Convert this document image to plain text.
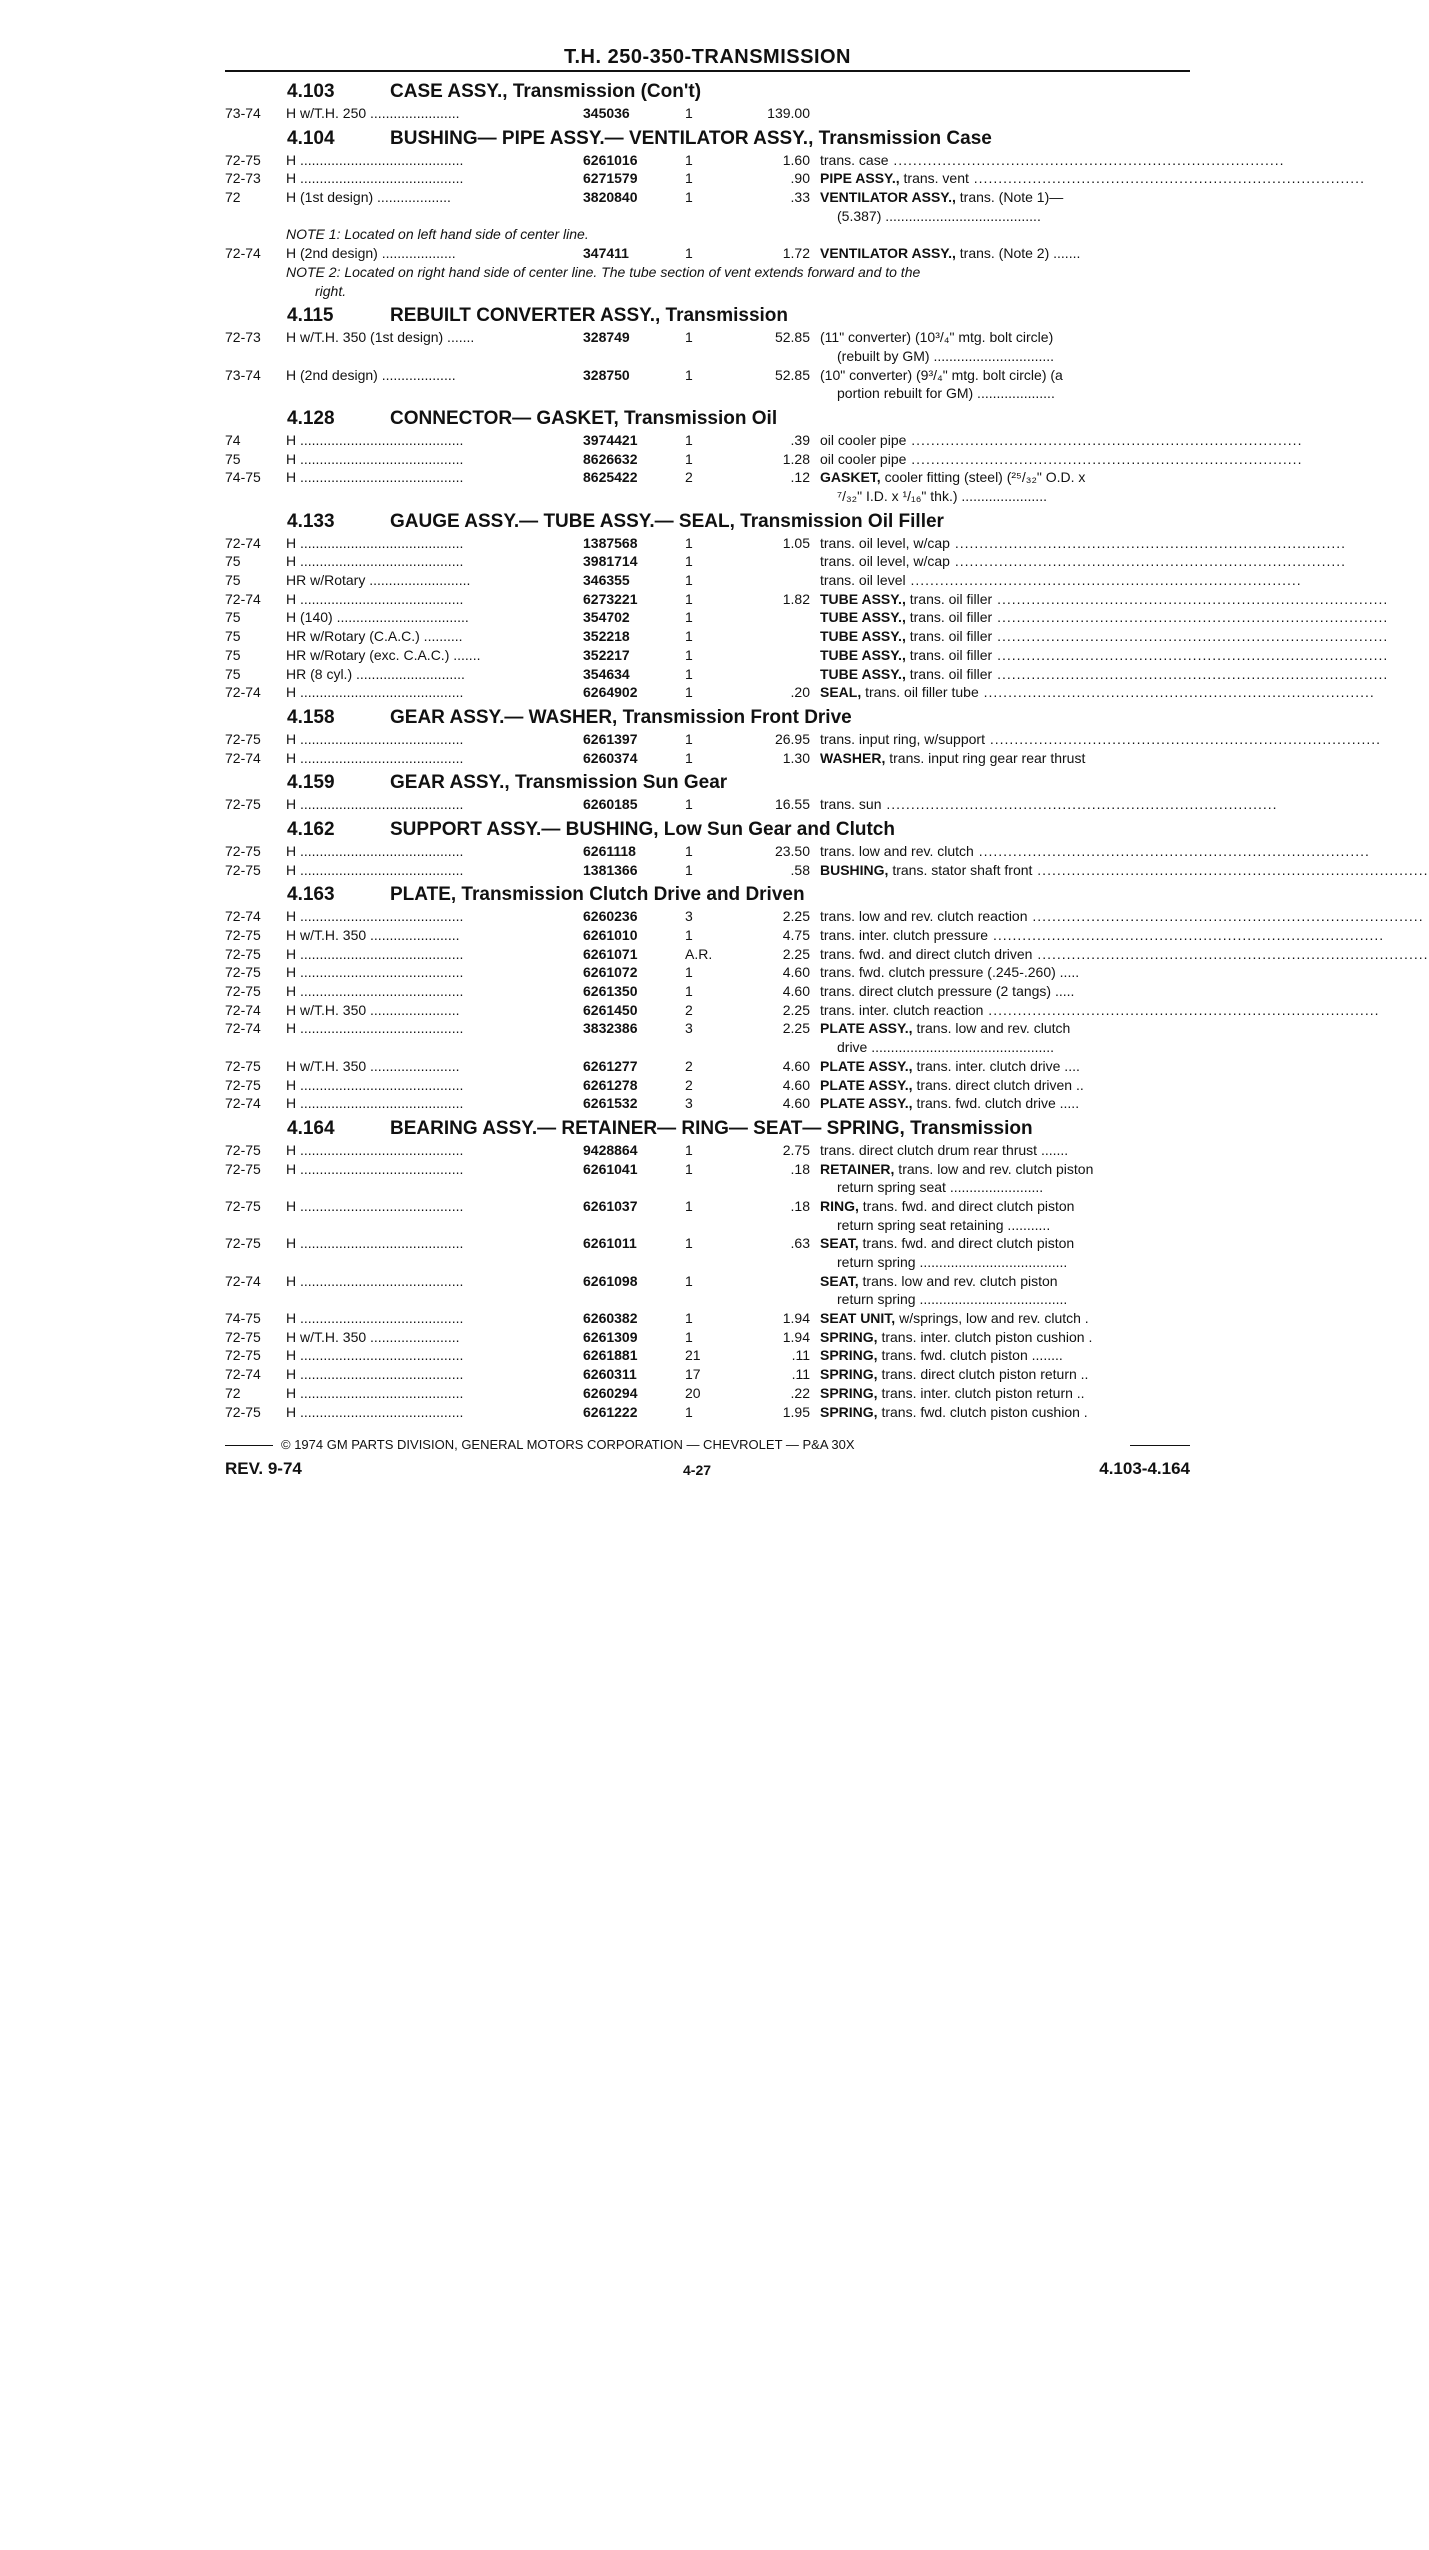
T.H. 250-350-TRANSMISSION
4.103	CASE ASSY., Transmission (Con't)
73-74 H w/T.H. 250 .......................	345036	1	139.00
4.104	BUSHING— PIPE ASSY.— VENTILATOR ASSY., Transmission Case
72-75 H ..........................................	6261016	1	1.60 trans. case ................................................................................
72-73 H ..........................................	6271579	1	.90 PIPE ASSY., trans. vent ................................................................................
72	H (1st design) ...................	3820840	1	.33 VENTILATOR ASSY., trans. (Note 1)—
(5.387) ........................................
NOTE 1: Located on left hand side of center line.
72-74 H (2nd design) ...................	347411	1	1.72 VENTILATOR ASSY., trans. (Note 2) .......
NOTE 2: Located on right hand side of center line. The tube section of vent extends forward and to the
right.
4.115	REBUILT CONVERTER ASSY., Transmission
72-73 H w/T.H. 350 (1st design) .......	328749	1	52.85 (11" converter) (10³/₄" mtg. bolt circle)
(rebuilt by GM) ...............................
73-74 H (2nd design) ...................	328750	1	52.85 (10" converter) (9³/₄" mtg. bolt circle) (a
portion rebuilt for GM) ....................
4.128	CONNECTOR— GASKET, Transmission Oil
74	H ..........................................	3974421	1	.39 oil cooler pipe ................................................................................
75	H ..........................................	8626632	1	1.28 oil cooler pipe ................................................................................
74-75 H ..........................................	8625422	2	.12 GASKET, cooler fitting (steel) (²⁵/₃₂" O.D. x
⁷/₃₂" I.D. x ¹/₁₆" thk.) ......................
4.133	GAUGE ASSY.— TUBE ASSY.— SEAL, Transmission Oil Filler
72-74 H ..........................................	1387568	1	1.05 trans. oil level, w/cap ................................................................................
75	H ..........................................	3981714	1	trans. oil level, w/cap ................................................................................
75	HR w/Rotary ..........................	346355	1	trans. oil level ................................................................................
72-74 H ..........................................	6273221	1	1.82 TUBE ASSY., trans. oil filler ................................................................................
75	H (140) ..................................	354702	1	TUBE ASSY., trans. oil filler ................................................................................
75	HR w/Rotary (C.A.C.) ..........	352218	1	TUBE ASSY., trans. oil filler ................................................................................
75	HR w/Rotary (exc. C.A.C.) .......	352217	1	TUBE ASSY., trans. oil filler ................................................................................
75	HR (8 cyl.) ............................	354634	1	TUBE ASSY., trans. oil filler ................................................................................
72-74 H ..........................................	6264902	1	.20 SEAL, trans. oil filler tube ................................................................................
4.158	GEAR ASSY.— WASHER, Transmission Front Drive
72-75 H ..........................................	6261397	1	26.95 trans. input ring, w/support ................................................................................
72-74 H ..........................................	6260374	1	1.30 WASHER, trans. input ring gear rear thrust
4.159	GEAR ASSY., Transmission Sun Gear
72-75 H ..........................................	6260185	1	16.55 trans. sun ................................................................................
4.162	SUPPORT ASSY.— BUSHING, Low Sun Gear and Clutch
72-75 H ..........................................	6261118	1	23.50 trans. low and rev. clutch ................................................................................
72-75 H ..........................................	1381366	1	.58 BUSHING, trans. stator shaft front ................................................................................
4.163	PLATE, Transmission Clutch Drive and Driven
72-74 H ..........................................	6260236	3	2.25 trans. low and rev. clutch reaction ................................................................................
72-75 H w/T.H. 350 .......................	6261010	1	4.75 trans. inter. clutch pressure ................................................................................
72-75 H ..........................................	6261071	A.R.	2.25 trans. fwd. and direct clutch driven ................................................................................
72-75 H ..........................................	6261072	1	4.60 trans. fwd. clutch pressure (.245-.260) .....
72-75 H ..........................................	6261350	1	4.60 trans. direct clutch pressure (2 tangs) .....
72-74 H w/T.H. 350 .......................	6261450	2	2.25 trans. inter. clutch reaction ................................................................................
72-74 H ..........................................	3832386	3	2.25 PLATE ASSY., trans. low and rev. clutch
drive ...............................................
72-75 H w/T.H. 350 .......................	6261277	2	4.60 PLATE ASSY., trans. inter. clutch drive ....
72-75 H ..........................................	6261278	2	4.60 PLATE ASSY., trans. direct clutch driven ..
72-74 H ..........................................	6261532	3	4.60 PLATE ASSY., trans. fwd. clutch drive .....
4.164	BEARING ASSY.— RETAINER— RING— SEAT— SPRING, Transmission
72-75 H ..........................................	9428864	1	2.75 trans. direct clutch drum rear thrust .......
72-75 H ..........................................	6261041	1	.18 RETAINER, trans. low and rev. clutch piston
return spring seat ........................
72-75 H ..........................................	6261037	1	.18 RING, trans. fwd. and direct clutch piston
return spring seat retaining ...........
72-75 H ..........................................	6261011	1	.63 SEAT, trans. fwd. and direct clutch piston
return spring ......................................
72-74 H ..........................................	6261098	1	SEAT, trans. low and rev. clutch piston
return spring ......................................
74-75 H ..........................................	6260382	1	1.94 SEAT UNIT, w/springs, low and rev. clutch .
72-75 H w/T.H. 350 .......................	6261309	1	1.94 SPRING, trans. inter. clutch piston cushion .
72-75 H ..........................................	6261881	21	.11 SPRING, trans. fwd. clutch piston ........
72-74 H ..........................................	6260311	17	.11 SPRING, trans. direct clutch piston return ..
72	H ..........................................	6260294	20	.22 SPRING, trans. inter. clutch piston return ..
72-75 H ..........................................	6261222	1	1.95 SPRING, trans. fwd. clutch piston cushion .
© 1974 GM PARTS DIVISION, GENERAL MOTORS CORPORATION — CHEVROLET — P&A 30X
REV. 9-74	4-27	4.103-4.164
